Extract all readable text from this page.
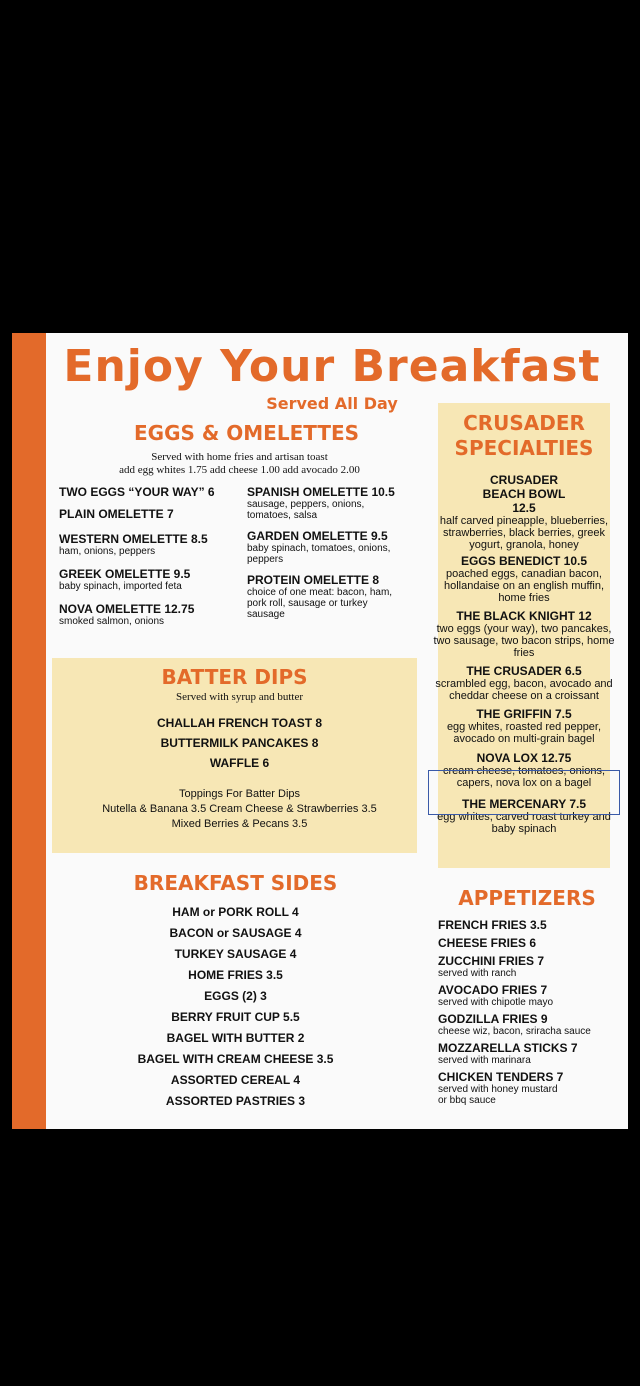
Enjoy Your Breakfast
Served All Day
EGGS & OMELETTES
Served with home fries and artisan toast
add egg whites 1.75 add cheese 1.00 add avocado 2.00
TWO EGGS “YOUR WAY” 6
PLAIN OMELETTE 7
WESTERN OMELETTE 8.5
ham, onions, peppers
GREEK OMELETTE 9.5
baby spinach, imported feta
NOVA OMELETTE 12.75
smoked salmon, onions
SPANISH OMELETTE 10.5
sausage, peppers, onions, tomatoes, salsa
GARDEN OMELETTE 9.5
baby spinach, tomatoes, onions, peppers
PROTEIN OMELETTE 8
choice of one meat: bacon, ham, pork roll, sausage or turkey sausage
BATTER DIPS
Served with syrup and butter
CHALLAH FRENCH TOAST 8
BUTTERMILK PANCAKES 8
WAFFLE 6
Toppings For Batter Dips
Nutella & Banana 3.5 Cream Cheese & Strawberries 3.5
Mixed Berries & Pecans 3.5
BREAKFAST SIDES
HAM or PORK ROLL 4
BACON or SAUSAGE 4
TURKEY SAUSAGE 4
HOME FRIES 3.5
EGGS (2) 3
BERRY FRUIT CUP 5.5
BAGEL WITH BUTTER 2
BAGEL WITH CREAM CHEESE 3.5
ASSORTED CEREAL 4
ASSORTED PASTRIES 3
CRUSADER
SPECIALTIES
CRUSADER BEACH BOWL 12.5
half carved pineapple, blueberries, strawberries, black berries, greek yogurt, granola, honey
EGGS BENEDICT 10.5
poached eggs, canadian bacon, hollandaise on an english muffin, home fries
THE BLACK KNIGHT 12
two eggs (your way), two pancakes, two sausage, two bacon strips, home fries
THE CRUSADER 6.5
scrambled egg, bacon, avocado and cheddar cheese on a croissant
THE GRIFFIN 7.5
egg whites, roasted red pepper, avocado on multi-grain bagel
NOVA LOX 12.75
cream cheese, tomatoes, onions, capers, nova lox on a bagel
THE MERCENARY 7.5
egg whites, carved roast turkey and baby spinach
APPETIZERS
FRENCH FRIES 3.5
CHEESE FRIES 6
ZUCCHINI FRIES 7
served with ranch
AVOCADO FRIES 7
served with chipotle mayo
GODZILLA FRIES 9
cheese wiz, bacon, sriracha sauce
MOZZARELLA STICKS 7
served with marinara
CHICKEN TENDERS 7
served with honey mustard or bbq sauce
